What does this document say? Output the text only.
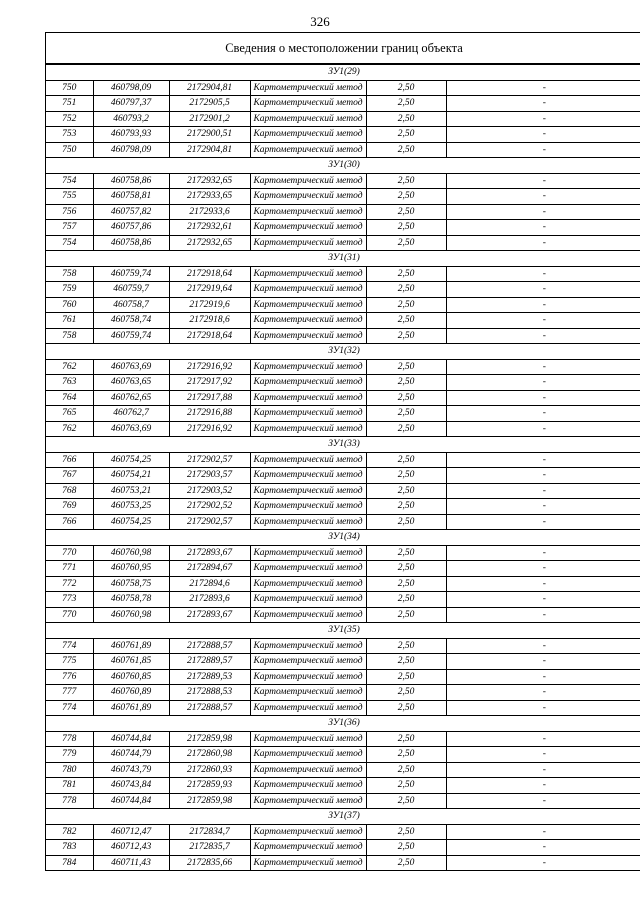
326
Сведения о местоположении границ объекта
ЗУ1(29)					
750	460798,09	2172904,81	Картометрический метод	2,50	-
751	460797,37	2172905,5	Картометрический метод	2,50	-
752	460793,2	2172901,2	Картометрический метод	2,50	-
753	460793,93	2172900,51	Картометрический метод	2,50	-
750	460798,09	2172904,81	Картометрический метод	2,50	-
ЗУ1(30)					
754	460758,86	2172932,65	Картометрический метод	2,50	-
755	460758,81	2172933,65	Картометрический метод	2,50	-
756	460757,82	2172933,6	Картометрический метод	2,50	-
757	460757,86	2172932,61	Картометрический метод	2,50	-
754	460758,86	2172932,65	Картометрический метод	2,50	-
ЗУ1(31)					
758	460759,74	2172918,64	Картометрический метод	2,50	-
759	460759,7	2172919,64	Картометрический метод	2,50	-
760	460758,7	2172919,6	Картометрический метод	2,50	-
761	460758,74	2172918,6	Картометрический метод	2,50	-
758	460759,74	2172918,64	Картометрический метод	2,50	-
ЗУ1(32)					
762	460763,69	2172916,92	Картометрический метод	2,50	-
763	460763,65	2172917,92	Картометрический метод	2,50	-
764	460762,65	2172917,88	Картометрический метод	2,50	-
765	460762,7	2172916,88	Картометрический метод	2,50	-
762	460763,69	2172916,92	Картометрический метод	2,50	-
ЗУ1(33)					
766	460754,25	2172902,57	Картометрический метод	2,50	-
767	460754,21	2172903,57	Картометрический метод	2,50	-
768	460753,21	2172903,52	Картометрический метод	2,50	-
769	460753,25	2172902,52	Картометрический метод	2,50	-
766	460754,25	2172902,57	Картометрический метод	2,50	-
ЗУ1(34)					
770	460760,98	2172893,67	Картометрический метод	2,50	-
771	460760,95	2172894,67	Картометрический метод	2,50	-
772	460758,75	2172894,6	Картометрический метод	2,50	-
773	460758,78	2172893,6	Картометрический метод	2,50	-
770	460760,98	2172893,67	Картометрический метод	2,50	-
ЗУ1(35)					
774	460761,89	2172888,57	Картометрический метод	2,50	-
775	460761,85	2172889,57	Картометрический метод	2,50	-
776	460760,85	2172889,53	Картометрический метод	2,50	-
777	460760,89	2172888,53	Картометрический метод	2,50	-
774	460761,89	2172888,57	Картометрический метод	2,50	-
ЗУ1(36)					
778	460744,84	2172859,98	Картометрический метод	2,50	-
779	460744,79	2172860,98	Картометрический метод	2,50	-
780	460743,79	2172860,93	Картометрический метод	2,50	-
781	460743,84	2172859,93	Картометрический метод	2,50	-
778	460744,84	2172859,98	Картометрический метод	2,50	-
ЗУ1(37)					
782	460712,47	2172834,7	Картометрический метод	2,50	-
783	460712,43	2172835,7	Картометрический метод	2,50	-
784	460711,43	2172835,66	Картометрический метод	2,50	-
